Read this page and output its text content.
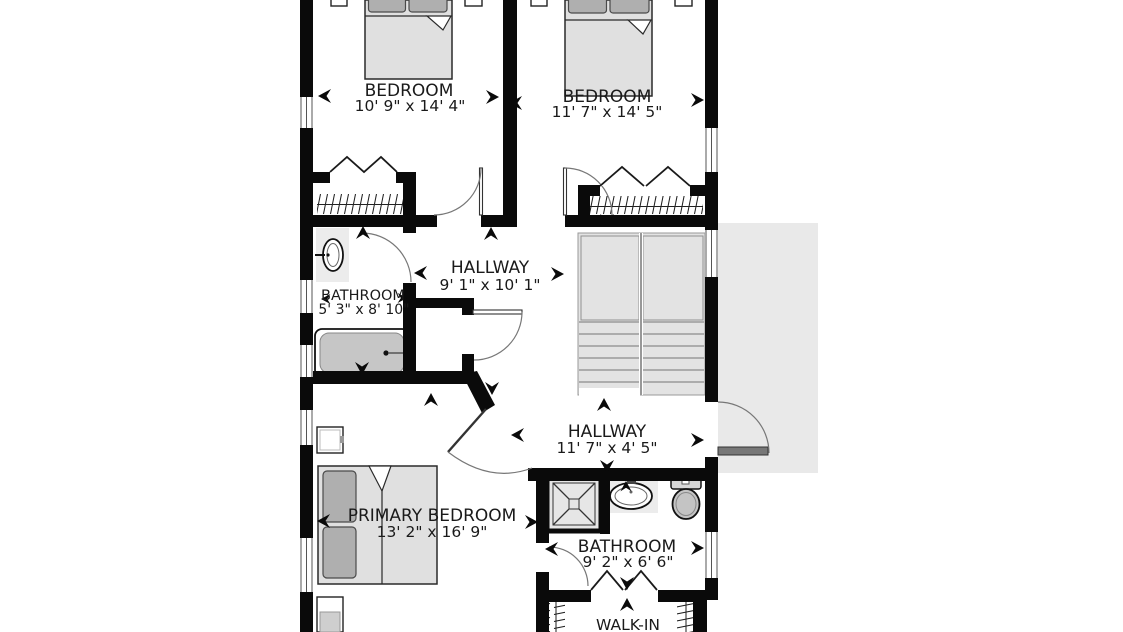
BEDROOM
10' 9" x 14' 4"	BEDROOM
11' 7" x 14' 5"
HALLWAY
9' 1" x 10' 1"
BATHROOM
5' 3" x 8' 10"
HALLWAY
11' 7" x 4' 5"
PRIMARY BEDROOM
13' 2" x 16' 9"
BATHROOM
9' 2" x 6' 6"
WALK-IN
